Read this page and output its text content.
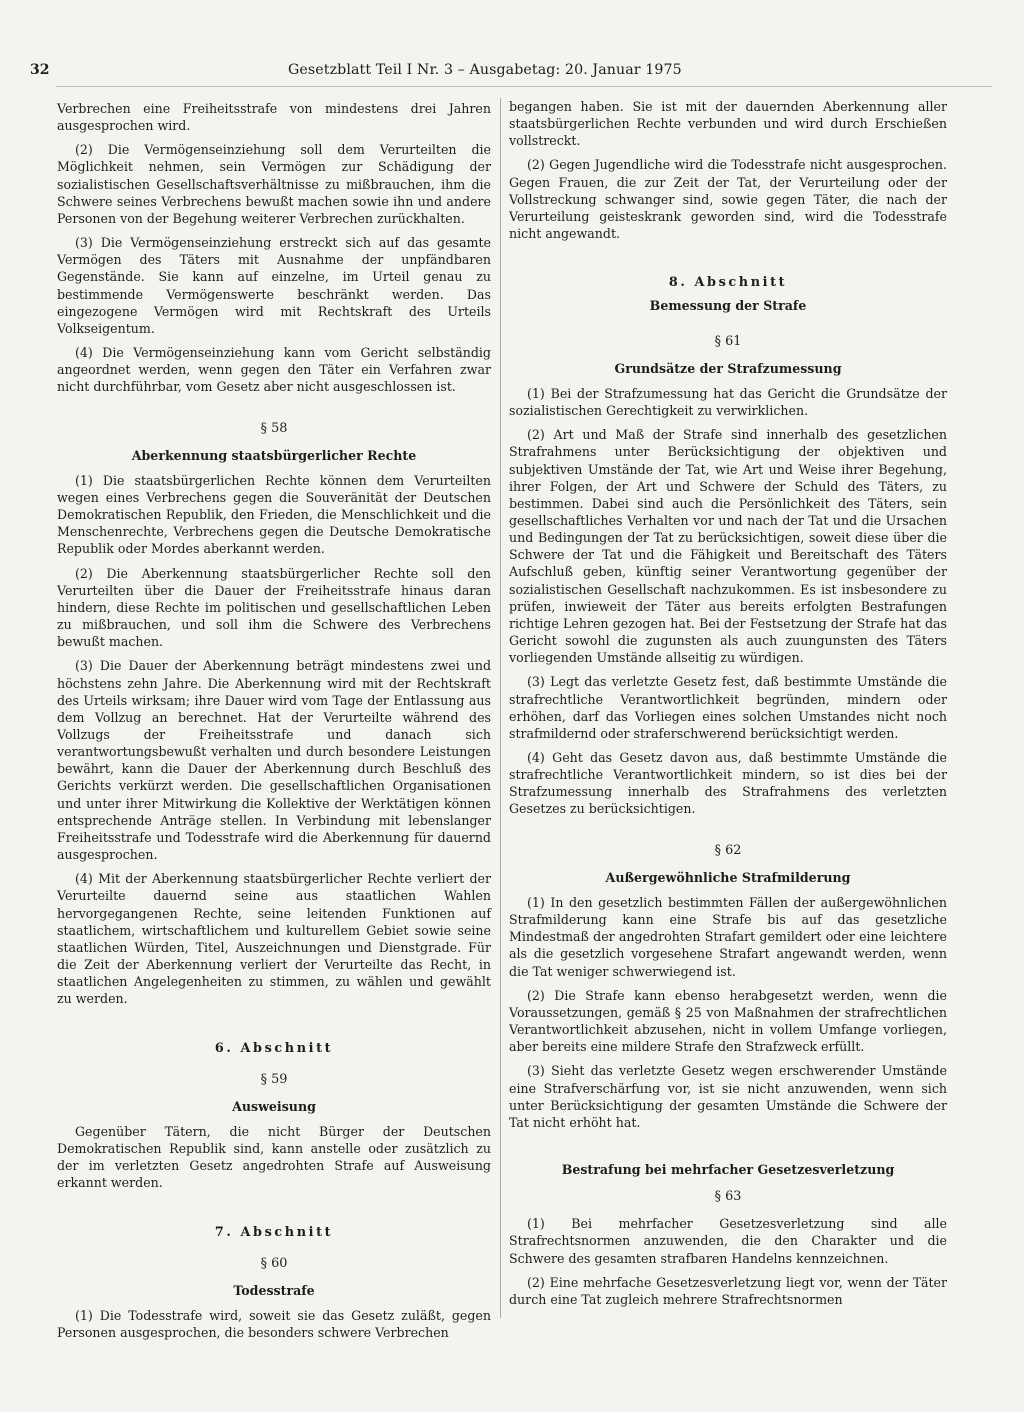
32	Gesetzblatt Teil I Nr. 3 – Ausgabetag: 20. Januar 1975

Verbrechen eine Freiheitsstrafe von mindestens drei Jahren ausgesprochen wird.

(2) Die Vermögenseinziehung soll dem Verurteilten die Möglichkeit nehmen, sein Vermögen zur Schädigung der sozialistischen Gesellschaftsverhältnisse zu mißbrauchen, ihm die Schwere seines Verbrechens bewußt machen sowie ihn und andere Personen von der Begehung weiterer Verbrechen zurückhalten.

(3) Die Vermögenseinziehung erstreckt sich auf das gesamte Vermögen des Täters mit Ausnahme der unpfändbaren Gegenstände. Sie kann auf einzelne, im Urteil genau zu bestimmende Vermögenswerte beschränkt werden. Das eingezogene Vermögen wird mit Rechtskraft des Urteils Volkseigentum.

(4) Die Vermögenseinziehung kann vom Gericht selbständig angeordnet werden, wenn gegen den Täter ein Verfahren zwar nicht durchführbar, vom Gesetz aber nicht ausgeschlossen ist.

§ 58
Aberkennung staatsbürgerlicher Rechte

(1) Die staatsbürgerlichen Rechte können dem Verurteilten wegen eines Verbrechens gegen die Souveränität der Deutschen Demokratischen Republik, den Frieden, die Menschlichkeit und die Menschenrechte, Verbrechens gegen die Deutsche Demokratische Republik oder Mordes aberkannt werden.

(2) Die Aberkennung staatsbürgerlicher Rechte soll den Verurteilten über die Dauer der Freiheitsstrafe hinaus daran hindern, diese Rechte im politischen und gesellschaftlichen Leben zu mißbrauchen, und soll ihm die Schwere des Verbrechens bewußt machen.

(3) Die Dauer der Aberkennung beträgt mindestens zwei und höchstens zehn Jahre. Die Aberkennung wird mit der Rechtskraft des Urteils wirksam; ihre Dauer wird vom Tage der Entlassung aus dem Vollzug an berechnet. Hat der Verurteilte während des Vollzugs der Freiheitsstrafe und danach sich verantwortungsbewußt verhalten und durch besondere Leistungen bewährt, kann die Dauer der Aberkennung durch Beschluß des Gerichts verkürzt werden. Die gesellschaftlichen Organisationen und unter ihrer Mitwirkung die Kollektive der Werktätigen können entsprechende Anträge stellen. In Verbindung mit lebenslanger Freiheitsstrafe und Todesstrafe wird die Aberkennung für dauernd ausgesprochen.

(4) Mit der Aberkennung staatsbürgerlicher Rechte verliert der Verurteilte dauernd seine aus staatlichen Wahlen hervorgegangenen Rechte, seine leitenden Funktionen auf staatlichem, wirtschaftlichem und kulturellem Gebiet sowie seine staatlichen Würden, Titel, Auszeichnungen und Dienstgrade. Für die Zeit der Aberkennung verliert der Verurteilte das Recht, in staatlichen Angelegenheiten zu stimmen, zu wählen und gewählt zu werden.

6. Abschnitt
§ 59
Ausweisung

Gegenüber Tätern, die nicht Bürger der Deutschen Demokratischen Republik sind, kann anstelle oder zusätzlich zu der im verletzten Gesetz angedrohten Strafe auf Ausweisung erkannt werden.

7. Abschnitt
§ 60
Todesstrafe

(1) Die Todesstrafe wird, soweit sie das Gesetz zuläßt, gegen Personen ausgesprochen, die besonders schwere Verbrechen

begangen haben. Sie ist mit der dauernden Aberkennung aller staatsbürgerlichen Rechte verbunden und wird durch Erschießen vollstreckt.

(2) Gegen Jugendliche wird die Todesstrafe nicht ausgesprochen. Gegen Frauen, die zur Zeit der Tat, der Verurteilung oder der Vollstreckung schwanger sind, sowie gegen Täter, die nach der Verurteilung geisteskrank geworden sind, wird die Todesstrafe nicht angewandt.

8. Abschnitt
Bemessung der Strafe
§ 61
Grundsätze der Strafzumessung

(1) Bei der Strafzumessung hat das Gericht die Grundsätze der sozialistischen Gerechtigkeit zu verwirklichen.

(2) Art und Maß der Strafe sind innerhalb des gesetzlichen Strafrahmens unter Berücksichtigung der objektiven und subjektiven Umstände der Tat, wie Art und Weise ihrer Begehung, ihrer Folgen, der Art und Schwere der Schuld des Täters, zu bestimmen. Dabei sind auch die Persönlichkeit des Täters, sein gesellschaftliches Verhalten vor und nach der Tat und die Ursachen und Bedingungen der Tat zu berücksichtigen, soweit diese über die Schwere der Tat und die Fähigkeit und Bereitschaft des Täters Aufschluß geben, künftig seiner Verantwortung gegenüber der sozialistischen Gesellschaft nachzukommen. Es ist insbesondere zu prüfen, inwieweit der Täter aus bereits erfolgten Bestrafungen richtige Lehren gezogen hat. Bei der Festsetzung der Strafe hat das Gericht sowohl die zugunsten als auch zuungunsten des Täters vorliegenden Umstände allseitig zu würdigen.

(3) Legt das verletzte Gesetz fest, daß bestimmte Umstände die strafrechtliche Verantwortlichkeit begründen, mindern oder erhöhen, darf das Vorliegen eines solchen Umstandes nicht noch strafmildernd oder straferschwerend berücksichtigt werden.

(4) Geht das Gesetz davon aus, daß bestimmte Umstände die strafrechtliche Verantwortlichkeit mindern, so ist dies bei der Strafzumessung innerhalb des Strafrahmens des verletzten Gesetzes zu berücksichtigen.

§ 62
Außergewöhnliche Strafmilderung

(1) In den gesetzlich bestimmten Fällen der außergewöhnlichen Strafmilderung kann eine Strafe bis auf das gesetzliche Mindestmaß der angedrohten Strafart gemildert oder eine leichtere als die gesetzlich vorgesehene Strafart angewandt werden, wenn die Tat weniger schwerwiegend ist.

(2) Die Strafe kann ebenso herabgesetzt werden, wenn die Voraussetzungen, gemäß § 25 von Maßnahmen der strafrechtlichen Verantwortlichkeit abzusehen, nicht in vollem Umfange vorliegen, aber bereits eine mildere Strafe den Strafzweck erfüllt.

(3) Sieht das verletzte Gesetz wegen erschwerender Umstände eine Strafverschärfung vor, ist sie nicht anzuwenden, wenn sich unter Berücksichtigung der gesamten Umstände die Schwere der Tat nicht erhöht hat.

Bestrafung bei mehrfacher Gesetzesverletzung
§ 63

(1) Bei mehrfacher Gesetzesverletzung sind alle Strafrechtsnormen anzuwenden, die den Charakter und die Schwere des gesamten strafbaren Handelns kennzeichnen.

(2) Eine mehrfache Gesetzesverletzung liegt vor, wenn der Täter durch eine Tat zugleich mehrere Strafrechtsnormen
